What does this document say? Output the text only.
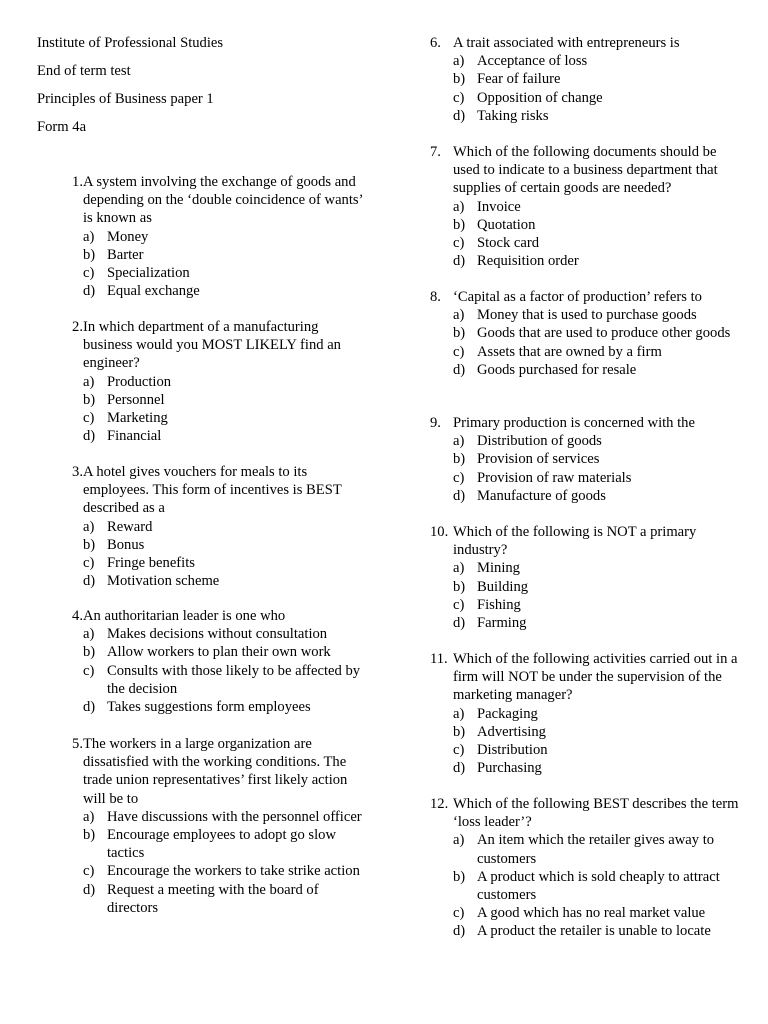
Institute of Professional Studies

End of term test

Principles of Business paper 1

Form 4a

1. A system involving the exchange of goods and depending on the ‘double coincidence of wants’ is known as
a) Money
b) Barter
c) Specialization
d) Equal exchange
2. In which department of a manufacturing business would you MOST LIKELY find an engineer?
a) Production
b) Personnel
c) Marketing
d) Financial
3. A hotel gives vouchers for meals to its employees. This form of incentives is BEST described as a
a) Reward
b) Bonus
c) Fringe benefits
d) Motivation scheme
4. An authoritarian leader is one who
a) Makes decisions without consultation
b) Allow workers to plan their own work
c) Consults with those likely to be affected by the decision
d) Takes suggestions form employees
5. The workers in a large organization are dissatisfied with the working conditions. The trade union representatives’ first likely action will be to
a) Have discussions with the personnel officer
b) Encourage employees to adopt go slow tactics
c) Encourage the workers to take strike action
d) Request a meeting with the board of directors
6. A trait associated with entrepreneurs is
a) Acceptance of loss
b) Fear of failure
c) Opposition of change
d) Taking risks
7. Which of the following documents should be used to indicate to a business department that supplies of certain goods are needed?
a) Invoice
b) Quotation
c) Stock card
d) Requisition order
8. ‘Capital as a factor of production’ refers to
a) Money that is used to purchase goods
b) Goods that are used to produce other goods
c) Assets that are owned by a firm
d) Goods purchased for resale
9. Primary production is concerned with the
a) Distribution of goods
b) Provision of services
c) Provision of raw materials
d) Manufacture of goods
10. Which of the following is NOT a primary industry?
a) Mining
b) Building
c) Fishing
d) Farming
11. Which of the following activities carried out in a firm will NOT be under the supervision of the marketing manager?
a) Packaging
b) Advertising
c) Distribution
d) Purchasing
12. Which of the following BEST describes the term ‘loss leader’?
a) An item which the retailer gives away to customers
b) A product which is sold cheaply to attract customers
c) A good which has no real market value
d) A product the retailer is unable to locate
